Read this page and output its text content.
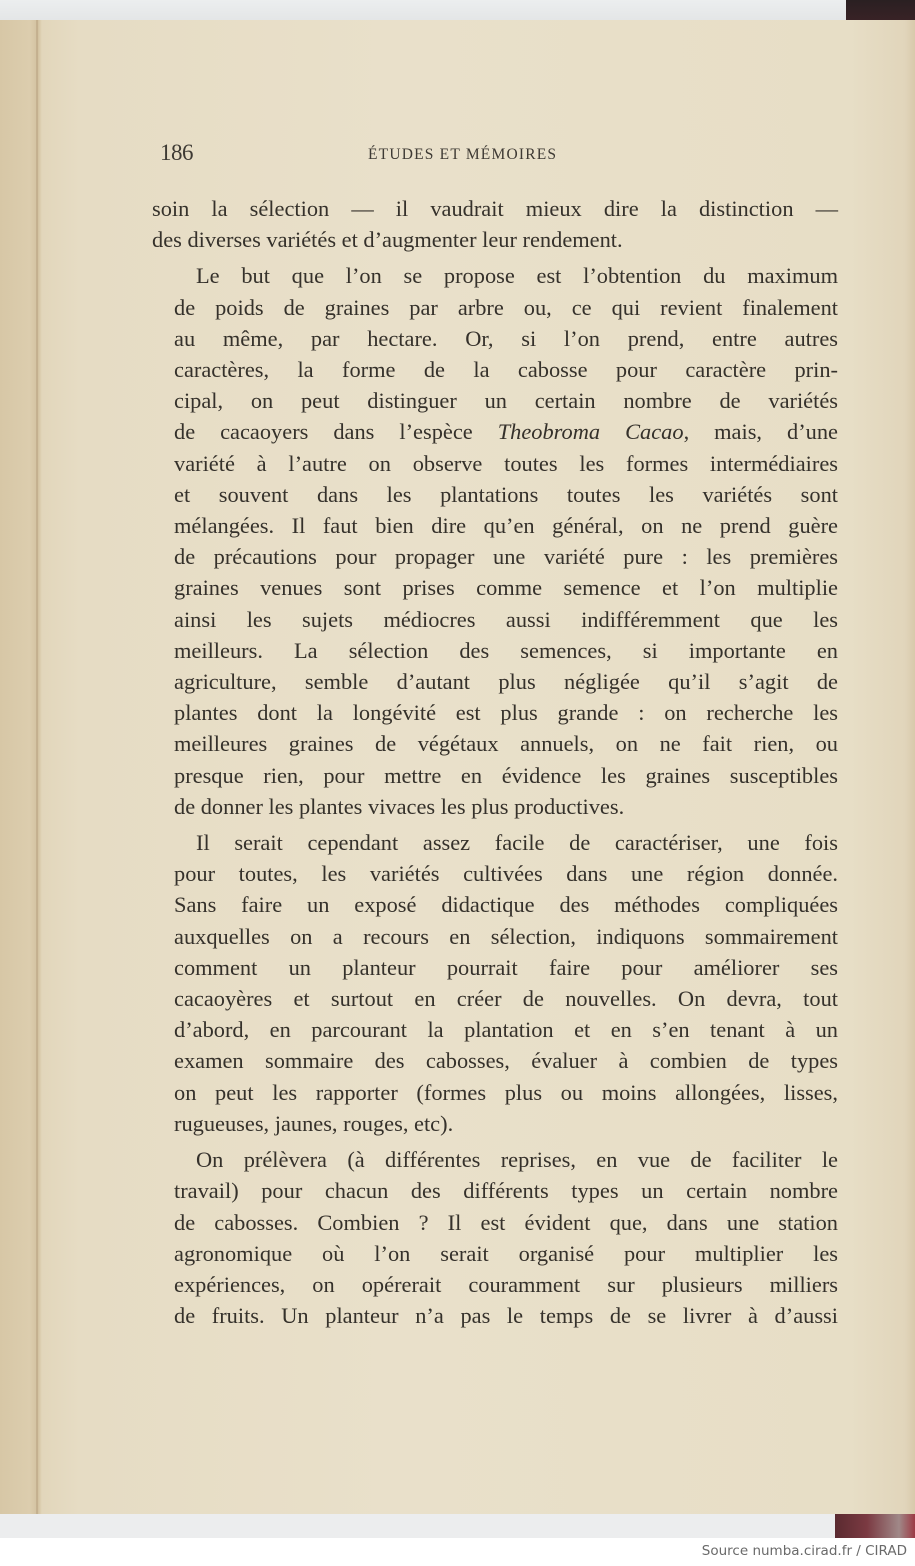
186	ÉTUDES ET MÉMOIRES
soin la sélection — il vaudrait mieux dire la distinction —
des diverses variétés et d’augmenter leur rendement.
Le but que l’on se propose est l’obtention du maximum
de poids de graines par arbre ou, ce qui revient finalement
au même, par hectare. Or, si l’on prend, entre autres
caractères, la forme de la cabosse pour caractère prin-
cipal, on peut distinguer un certain nombre de variétés
de cacaoyers dans l’espèce Theobroma Cacao, mais, d’une
variété à l’autre on observe toutes les formes intermédiaires
et souvent dans les plantations toutes les variétés sont
mélangées. Il faut bien dire qu’en général, on ne prend guère
de précautions pour propager une variété pure : les premières
graines venues sont prises comme semence et l’on multiplie
ainsi les sujets médiocres aussi indifféremment que les
meilleurs. La sélection des semences, si importante en
agriculture, semble d’autant plus négligée qu’il s’agit de
plantes dont la longévité est plus grande : on recherche les
meilleures graines de végétaux annuels, on ne fait rien, ou
presque rien, pour mettre en évidence les graines susceptibles
de donner les plantes vivaces les plus productives.
Il serait cependant assez facile de caractériser, une fois
pour toutes, les variétés cultivées dans une région donnée.
Sans faire un exposé didactique des méthodes compliquées
auxquelles on a recours en sélection, indiquons sommairement
comment un planteur pourrait faire pour améliorer ses
cacaoyères et surtout en créer de nouvelles. On devra, tout
d’abord, en parcourant la plantation et en s’en tenant à un
examen sommaire des cabosses, évaluer à combien de types
on peut les rapporter (formes plus ou moins allongées, lisses,
rugueuses, jaunes, rouges, etc).
On prélèvera (à différentes reprises, en vue de faciliter le
travail) pour chacun des différents types un certain nombre
de cabosses. Combien ? Il est évident que, dans une station
agronomique où l’on serait organisé pour multiplier les
expériences, on opérerait couramment sur plusieurs milliers
de fruits. Un planteur n’a pas le temps de se livrer à d’aussi
Source numba.cirad.fr / CIRAD
